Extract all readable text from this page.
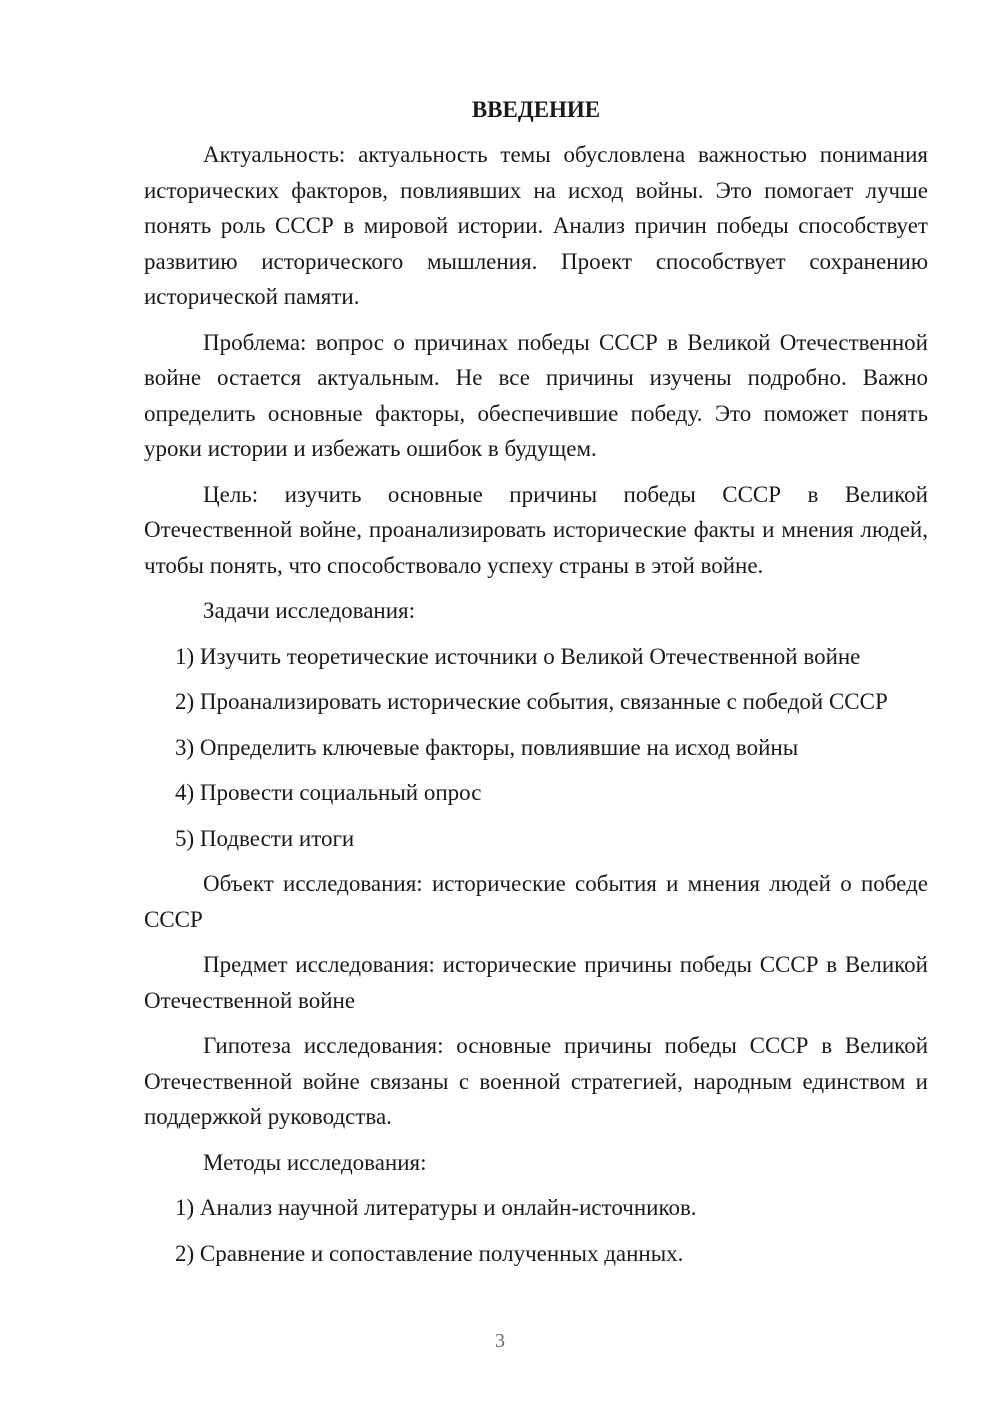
ВВЕДЕНИЕ

Актуальность: актуальность темы обусловлена важностью понимания исторических факторов, повлиявших на исход войны. Это помогает лучше понять роль СССР в мировой истории. Анализ причин победы способствует развитию исторического мышления. Проект способствует сохранению исторической памяти.

Проблема: вопрос о причинах победы СССР в Великой Отечественной войне остается актуальным. Не все причины изучены подробно. Важно определить основные факторы, обеспечившие победу. Это поможет понять уроки истории и избежать ошибок в будущем.

Цель: изучить основные причины победы СССР в Великой Отечественной войне, проанализировать исторические факты и мнения людей, чтобы понять, что способствовало успеху страны в этой войне.

Задачи исследования:

1) Изучить теоретические источники о Великой Отечественной войне

2) Проанализировать исторические события, связанные с победой СССР

3) Определить ключевые факторы, повлиявшие на исход войны

4) Провести социальный опрос

5) Подвести итоги

Объект исследования: исторические события и мнения людей о победе СССР

Предмет исследования: исторические причины победы СССР в Великой Отечественной войне

Гипотеза исследования: основные причины победы СССР в Великой Отечественной войне связаны с военной стратегией, народным единством и поддержкой руководства.

Методы исследования:

1) Анализ научной литературы и онлайн-источников.

2) Сравнение и сопоставление полученных данных.

3
